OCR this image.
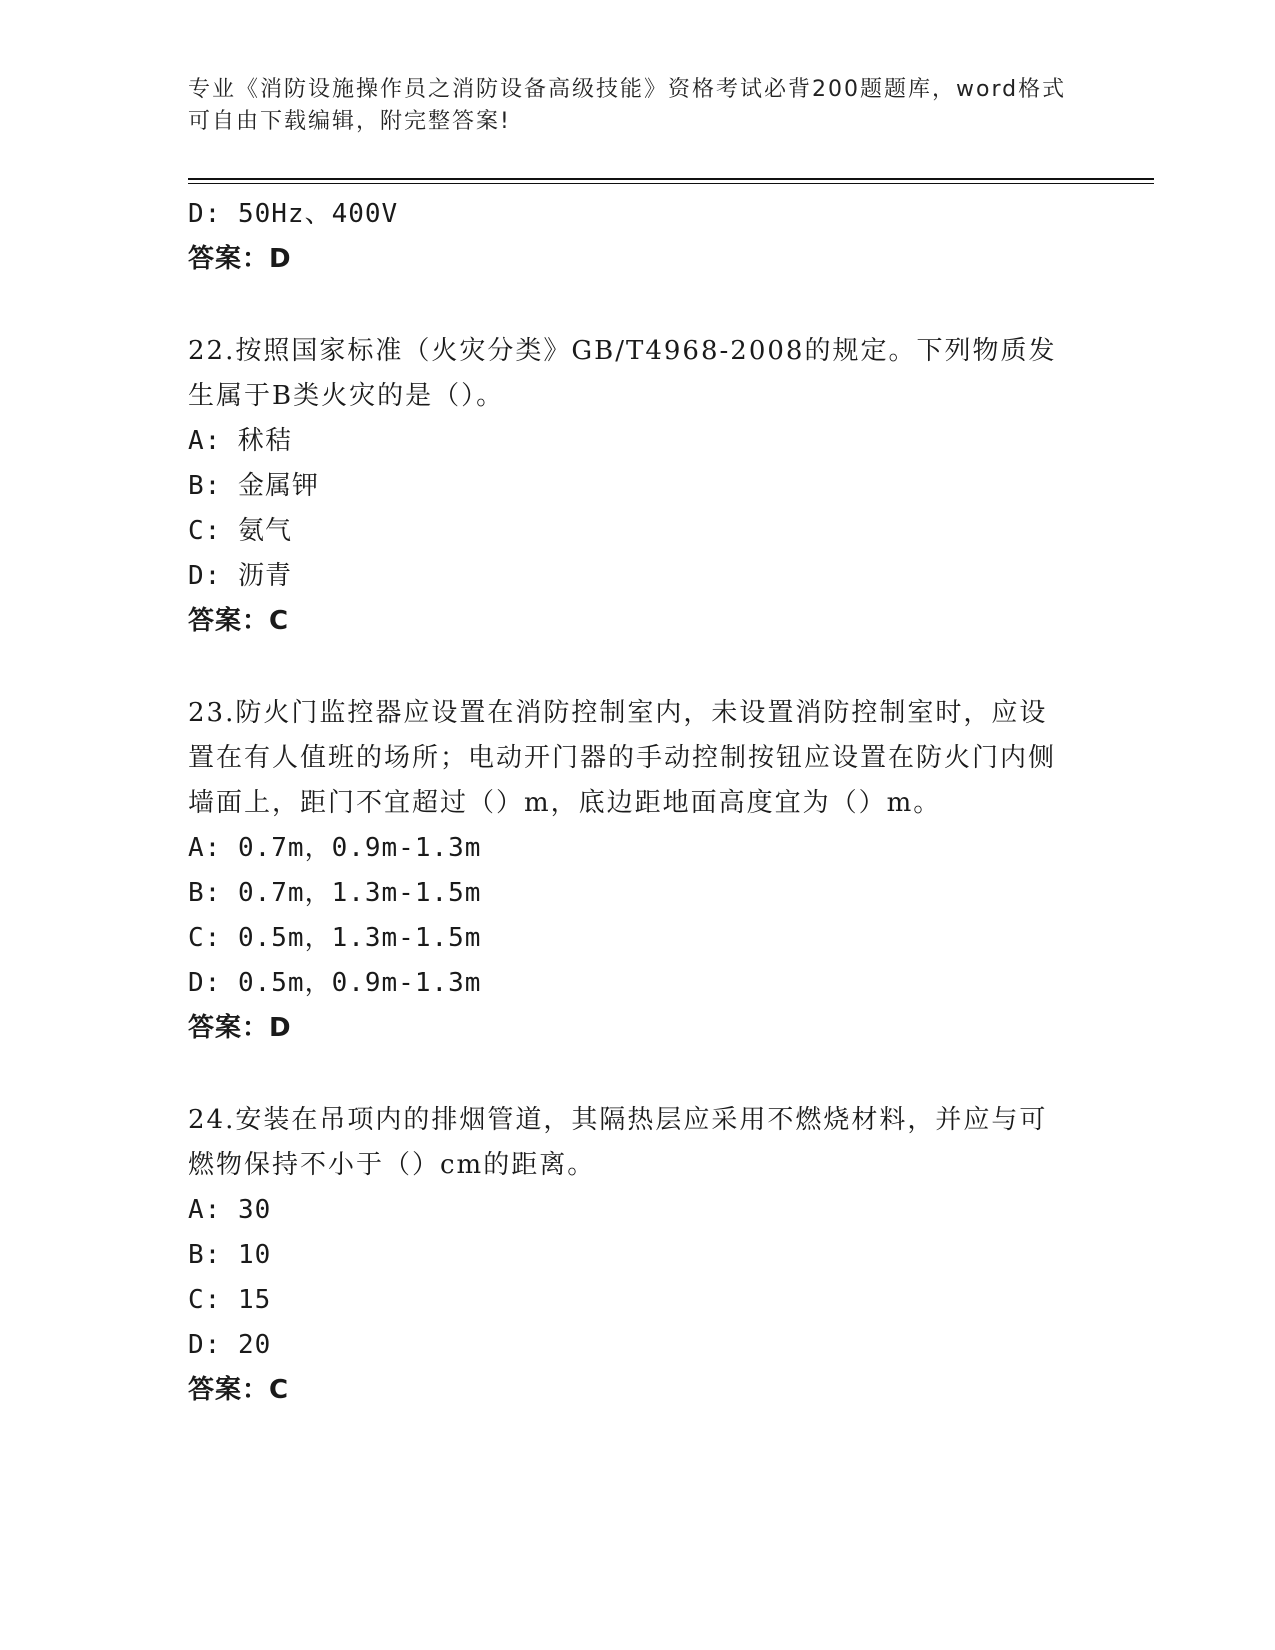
专业《消防设施操作员之消防设备高级技能》资格考试必背200题题库，word格式可自由下载编辑，附完整答案!
D: 50Hz、400V
答案：D
22.按照国家标准（火灾分类》GB/T4968-2008的规定。下列物质发生属于B类火灾的是（）。
A: 秫秸
B: 金属钾
C: 氨气
D: 沥青
答案：C
23.防火门监控器应设置在消防控制室内，未设置消防控制室时，应设置在有人值班的场所；电动开门器的手动控制按钮应设置在防火门内侧墙面上，距门不宜超过（）m，底边距地面高度宜为（）m。
A: 0.7m，0.9m-1.3m
B: 0.7m，1.3m-1.5m
C: 0.5m，1.3m-1.5m
D: 0.5m，0.9m-1.3m
答案：D
24.安装在吊项内的排烟管道，其隔热层应采用不燃烧材料，并应与可燃物保持不小于（）cm的距离。
A: 30
B: 10
C: 15
D: 20
答案：C
